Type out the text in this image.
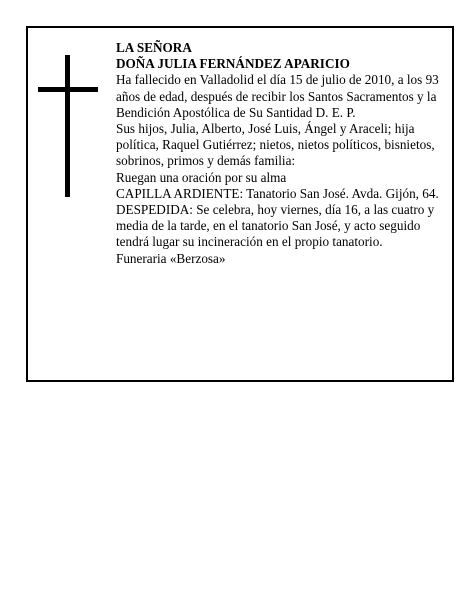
LA SEÑORA

DOÑA JULIA FERNÁNDEZ APARICIO

Ha fallecido en Valladolid el día 15 de julio de 2010, a los 93 años de edad, después de recibir los Santos Sacramentos y la Bendición Apostólica de Su Santidad D. E. P.

Sus hijos, Julia, Alberto, José Luis, Ángel y Araceli; hija política, Raquel Gutiérrez; nietos, nietos políticos, bisnietos, sobrinos, primos y demás familia:

Ruegan una oración por su alma

CAPILLA ARDIENTE: Tanatorio San José. Avda. Gijón, 64.

DESPEDIDA: Se celebra, hoy viernes, día 16, a las cuatro y media de la tarde, en el tanatorio San José, y acto seguido tendrá lugar su incineración en el propio tanatorio.

Funeraria «Berzosa»
